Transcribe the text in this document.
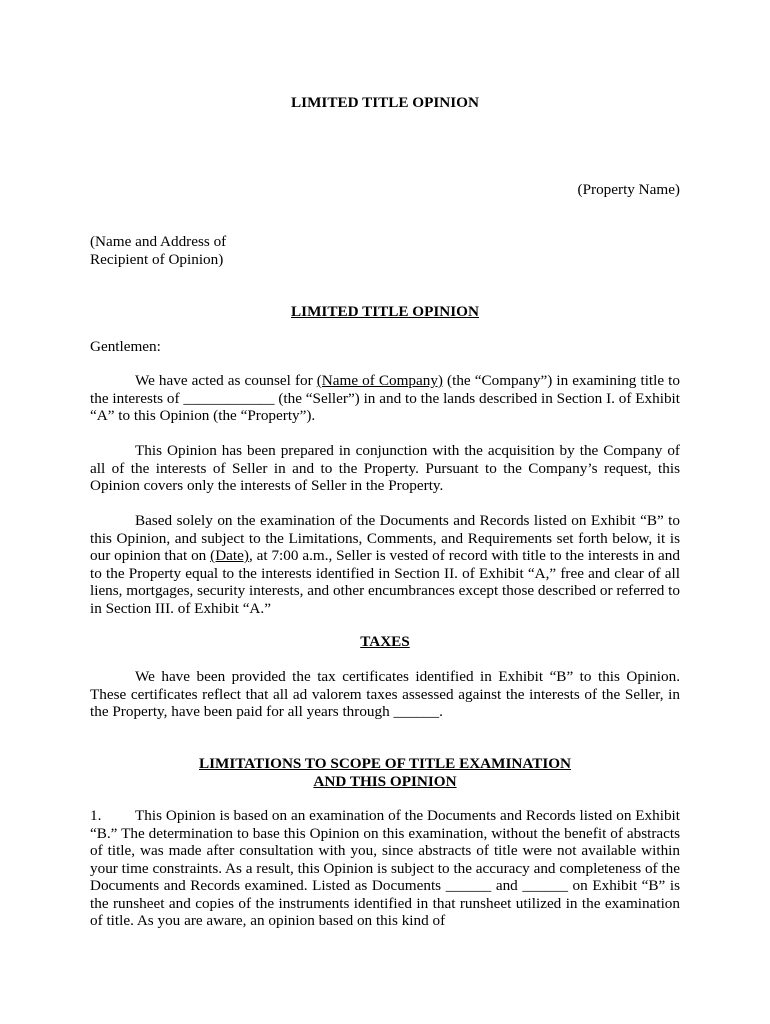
LIMITED TITLE OPINION
(Property Name)

(Name and Address of

Recipient of Opinion)

LIMITED TITLE OPINION
Gentlemen:
We have acted as counsel for (Name of Company) (the “Company”) in examining title to the interests of ____________ (the “Seller”) in and to the lands described in Section I. of Exhibit “A” to this Opinion (the “Property”).
This Opinion has been prepared in conjunction with the acquisition by the Company of all of the interests of Seller in and to the Property. Pursuant to the Company’s request, this Opinion covers only the interests of Seller in the Property.
Based solely on the examination of the Documents and Records listed on Exhibit “B” to this Opinion, and subject to the Limitations, Comments, and Requirements set forth below, it is our opinion that on (Date), at 7:00 a.m., Seller is vested of record with title to the interests in and to the Property equal to the interests identified in Section II. of Exhibit “A,” free and clear of all liens, mortgages, security interests, and other encumbrances except those described or referred to in Section III. of Exhibit “A.”
TAXES
We have been provided the tax certificates identified in Exhibit “B” to this Opinion. These certificates reflect that all ad valorem taxes assessed against the interests of the Seller, in the Property, have been paid for all years through ______.

LIMITATIONS TO SCOPE OF TITLE EXAMINATION

AND THIS OPINION

1. This Opinion is based on an examination of the Documents and Records listed on Exhibit “B.” The determination to base this Opinion on this examination, without the benefit of abstracts of title, was made after consultation with you, since abstracts of title were not available within your time constraints. As a result, this Opinion is subject to the accuracy and completeness of the Documents and Records examined. Listed as Documents ______ and ______ on Exhibit “B” is the runsheet and copies of the instruments identified in that runsheet utilized in the examination of title. As you are aware, an opinion based on this kind of
